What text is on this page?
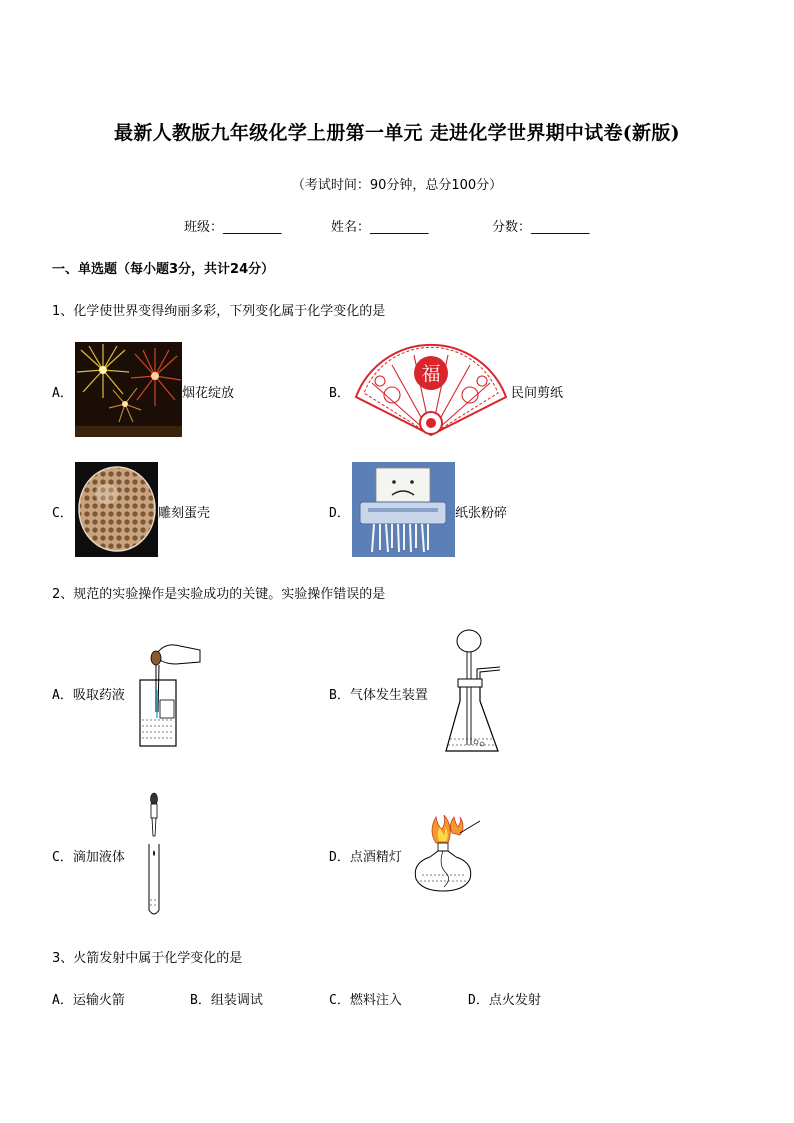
最新人教版九年级化学上册第一单元 走进化学世界期中试卷(新版)
（考试时间：90分钟，总分100分）
班级：_________	姓名：_________	分数：_________
一、单选题（每小题3分，共计24分）
1、化学使世界变得绚丽多彩，下列变化属于化学变化的是
A．	烟花绽放	B．
福
民间剪纸
C．	雕刻蛋壳	D．	纸张粉碎
2、规范的实验操作是实验成功的关键。实验操作错误的是
A．吸取药液	B．气体发生装置
C．滴加液体	D．点酒精灯
3、火箭发射中属于化学变化的是
A．运输火箭	B．组装调试	C．燃料注入	D．点火发射
